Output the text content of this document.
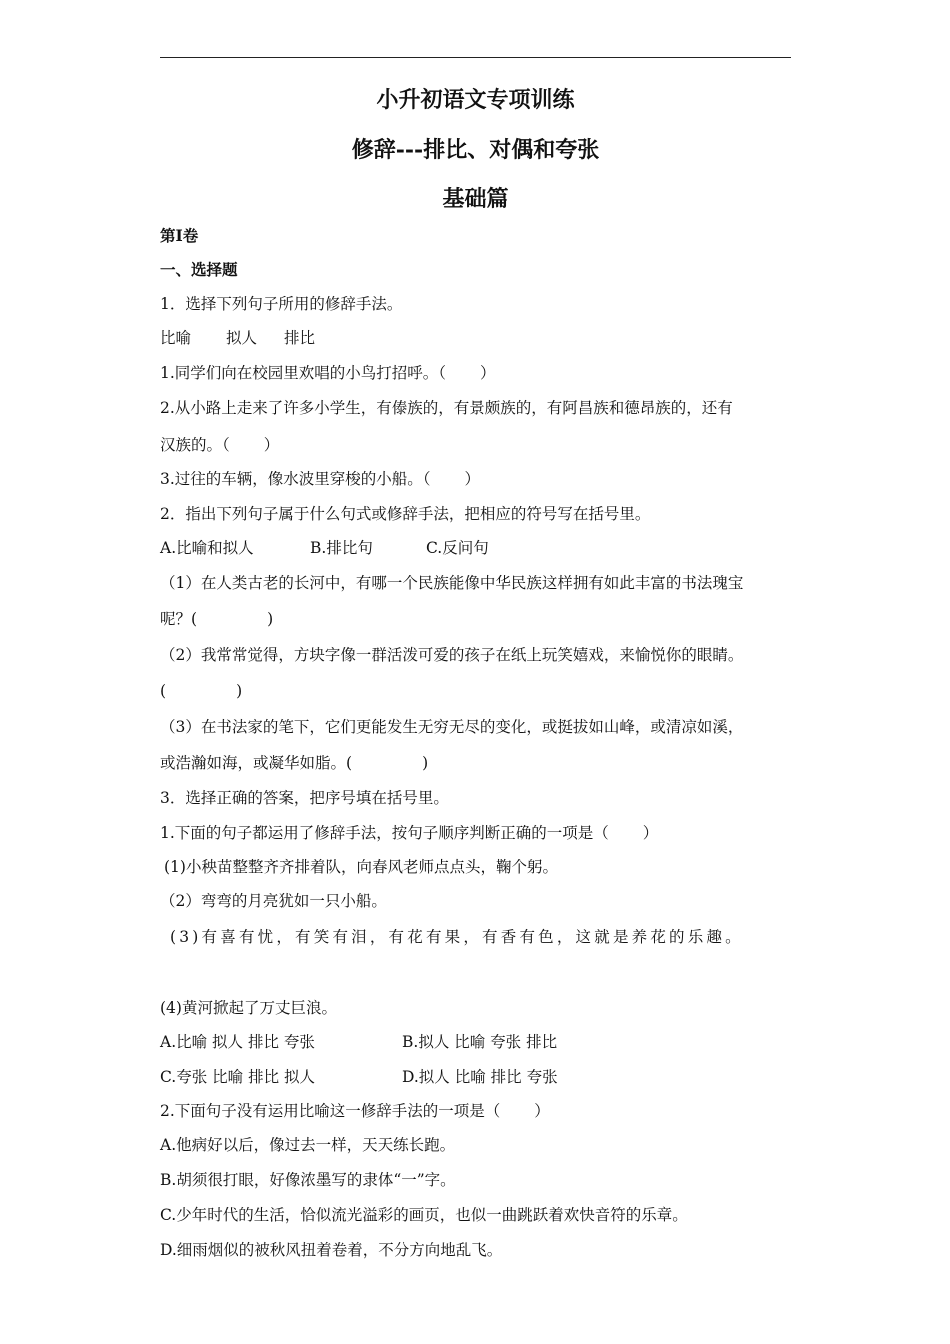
小升初语文专项训练
修辞---排比、对偶和夸张
基础篇
第Ⅰ卷
一、选择题
1．选择下列句子所用的修辞手法。
比喻 拟人 排比
1.同学们向在校园里欢唱的小鸟打招呼。（ ）
2.从小路上走来了许多小学生，有傣族的，有景颇族的，有阿昌族和德昂族的，还有
汉族的。（ ）
3.过往的车辆，像水波里穿梭的小船。（ ）
2．指出下列句子属于什么句式或修辞手法，把相应的符号写在括号里。
A.比喻和拟人	B.排比句	C.反问句
（1）在人类古老的长河中，有哪一个民族能像中华民族这样拥有如此丰富的书法瑰宝
呢？(	)
（2）我常常觉得，方块字像一群活泼可爱的孩子在纸上玩笑嬉戏，来愉悦你的眼睛。
(	)
（3）在书法家的笔下，它们更能发生无穷无尽的变化，或挺拔如山峰，或清凉如溪，
或浩瀚如海，或凝华如脂。(	)
3．选择正确的答案，把序号填在括号里。
1.下面的句子都运用了修辞手法，按句子顺序判断正确的一项是（ ）
(1)小秧苗整整齐齐排着队，向春风老师点点头，鞠个躬。
（2）弯弯的月亮犹如一只小船。
(3)有喜有忧，有笑有泪，有花有果，有香有色，这就是养花的乐趣。
(4)黄河掀起了万丈巨浪。
A.比喻 拟人 排比 夸张	B.拟人 比喻 夸张 排比
C.夸张 比喻 排比 拟人	D.拟人 比喻 排比 夸张
2.下面句子没有运用比喻这一修辞手法的一项是（ ）
A.他病好以后，像过去一样，天天练长跑。
B.胡须很打眼，好像浓墨写的隶体“一”字。
C.少年时代的生活，恰似流光溢彩的画页，也似一曲跳跃着欢快音符的乐章。
D.细雨烟似的被秋风扭着卷着，不分方向地乱飞。
